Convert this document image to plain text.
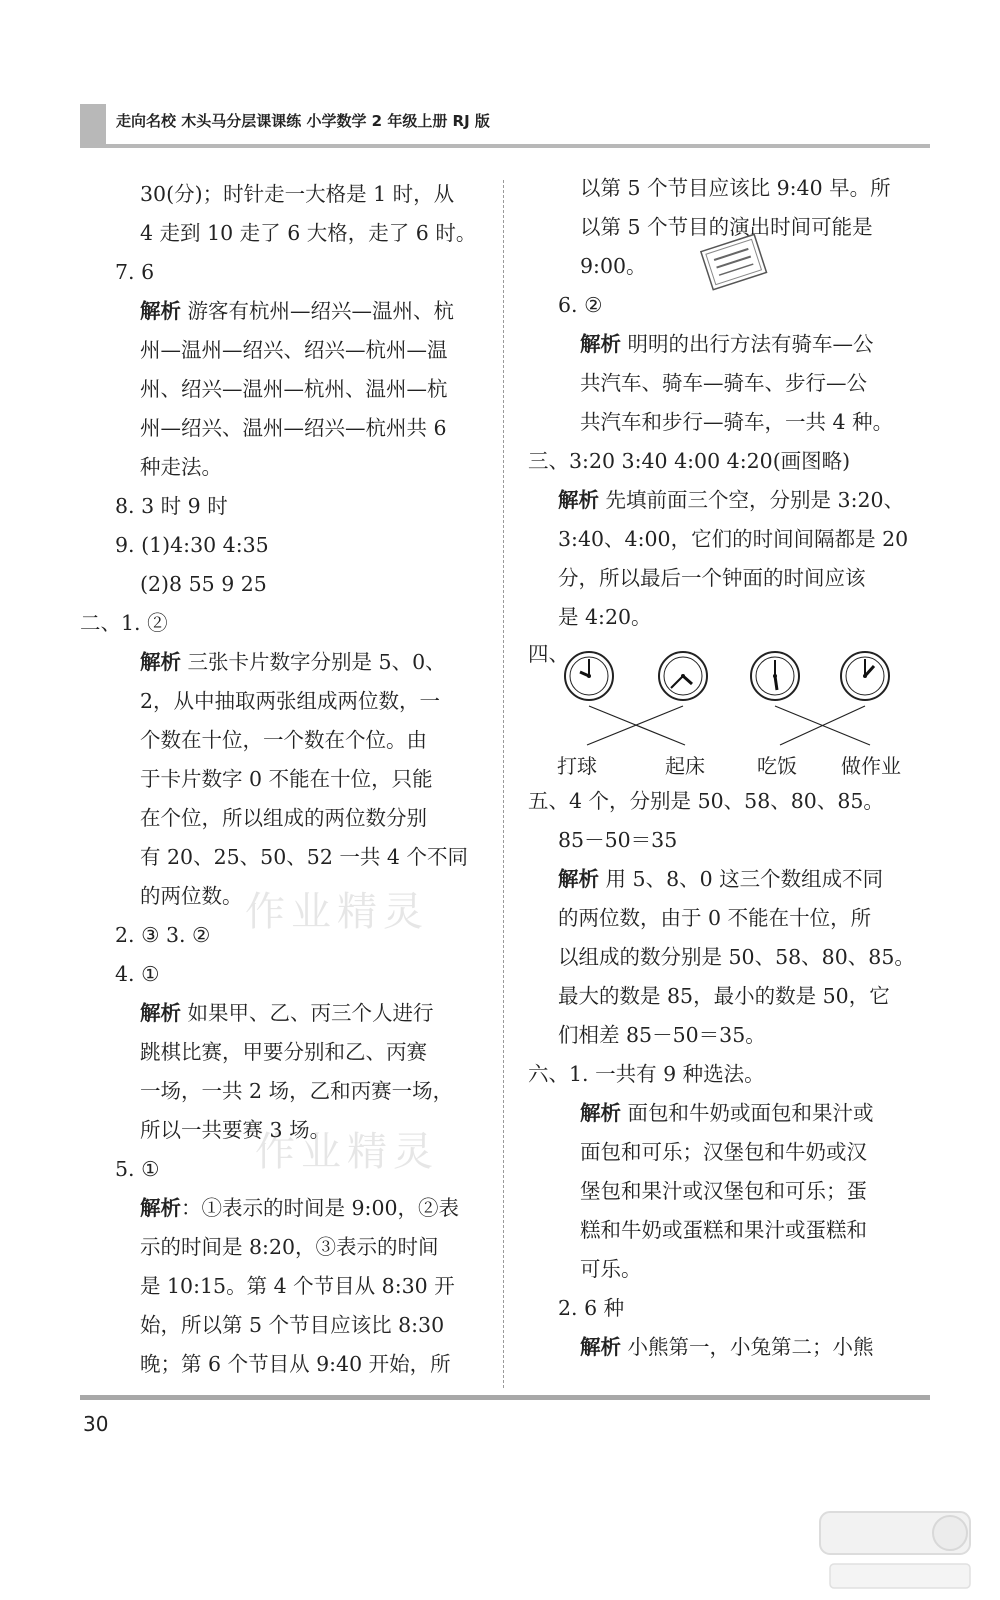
走向名校 木头马分层课课练 小学数学 2 年级上册 RJ 版
作业精灵
作业精灵
30(分)；时针走一大格是 1 时，从
4 走到 10 走了 6 大格，走了 6 时。
7. 6
解析 游客有杭州—绍兴—温州、杭
州—温州—绍兴、绍兴—杭州—温
州、绍兴—温州—杭州、温州—杭
州—绍兴、温州—绍兴—杭州共 6
种走法。
8. 3 时 9 时
9. (1)4:30 4:35
(2)8 55 9 25
二、1. ②
解析 三张卡片数字分别是 5、0、
2，从中抽取两张组成两位数，一
个数在十位，一个数在个位。由
于卡片数字 0 不能在十位，只能
在个位，所以组成的两位数分别
有 20、25、50、52 一共 4 个不同
的两位数。
2. ③ 3. ②
4. ①
解析 如果甲、乙、丙三个人进行
跳棋比赛，甲要分别和乙、丙赛
一场，一共 2 场，乙和丙赛一场，
所以一共要赛 3 场。
5. ①
解析：①表示的时间是 9:00，②表
示的时间是 8:20，③表示的时间
是 10:15。第 4 个节目从 8:30 开
始，所以第 5 个节目应该比 8:30
晚；第 6 个节目从 9:40 开始，所
以第 5 个节目应该比 9:40 早。所
以第 5 个节目的演出时间可能是
9:00。
6. ②
解析 明明的出行方法有骑车—公
共汽车、骑车—骑车、步行—公
共汽车和步行—骑车，一共 4 种。
三、3:20 3:40 4:00 4:20(画图略)
解析 先填前面三个空，分别是 3:20、
3:40、4:00，它们的时间间隔都是 20
分，所以最后一个钟面的时间应该
是 4:20。
五、4 个，分别是 50、58、80、85。
85－50＝35
解析 用 5、8、0 这三个数组成不同
的两位数，由于 0 不能在十位，所
以组成的数分别是 50、58、80、85。
最大的数是 85，最小的数是 50，它
们相差 85－50＝35。
六、1. 一共有 9 种选法。
解析 面包和牛奶或面包和果汁或
面包和可乐；汉堡包和牛奶或汉
堡包和果汁或汉堡包和可乐；蛋
糕和牛奶或蛋糕和果汁或蛋糕和
可乐。
2. 6 种
解析 小熊第一，小兔第二；小熊
四、
打球	起床	吃饭 做作业
30
